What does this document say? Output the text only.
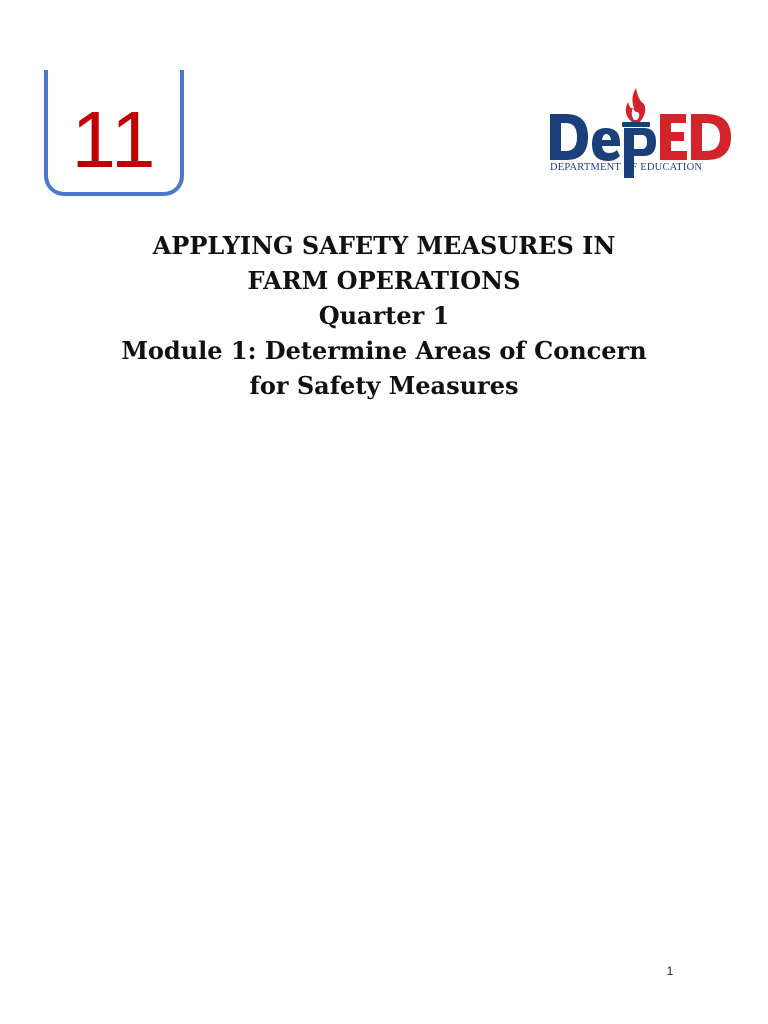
11	DEPARTMENT OF EDUCATION
APPLYING SAFETY MEASURES IN
FARM OPERATIONS
Quarter 1
Module 1: Determine Areas of Concern
for Safety Measures
1
